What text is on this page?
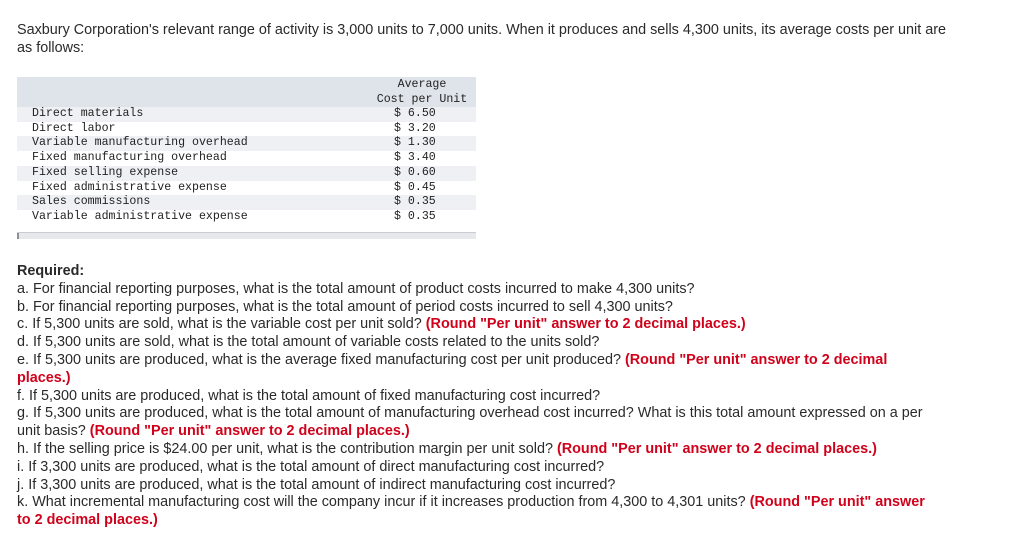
Saxbury Corporation's relevant range of activity is 3,000 units to 7,000 units. When it produces and sells 4,300 units, its average costs per unit are as follows:

	Average
Cost per Unit
Direct materials	$ 6.50
Direct labor	$ 3.20
Variable manufacturing overhead	$ 1.30
Fixed manufacturing overhead	$ 3.40
Fixed selling expense	$ 0.60
Fixed administrative expense	$ 0.45
Sales commissions	$ 0.35
Variable administrative expense	$ 0.35

Required:

a. For financial reporting purposes, what is the total amount of product costs incurred to make 4,300 units?

b. For financial reporting purposes, what is the total amount of period costs incurred to sell 4,300 units?

c. If 5,300 units are sold, what is the variable cost per unit sold? (Round "Per unit" answer to 2 decimal places.)

d. If 5,300 units are sold, what is the total amount of variable costs related to the units sold?

e. If 5,300 units are produced, what is the average fixed manufacturing cost per unit produced? (Round "Per unit" answer to 2 decimal places.)

f. If 5,300 units are produced, what is the total amount of fixed manufacturing cost incurred?

g. If 5,300 units are produced, what is the total amount of manufacturing overhead cost incurred? What is this total amount expressed on a per unit basis? (Round "Per unit" answer to 2 decimal places.)

h. If the selling price is $24.00 per unit, what is the contribution margin per unit sold? (Round "Per unit" answer to 2 decimal places.)

i. If 3,300 units are produced, what is the total amount of direct manufacturing cost incurred?

j. If 3,300 units are produced, what is the total amount of indirect manufacturing cost incurred?

k. What incremental manufacturing cost will the company incur if it increases production from 4,300 to 4,301 units? (Round "Per unit" answer to 2 decimal places.)
